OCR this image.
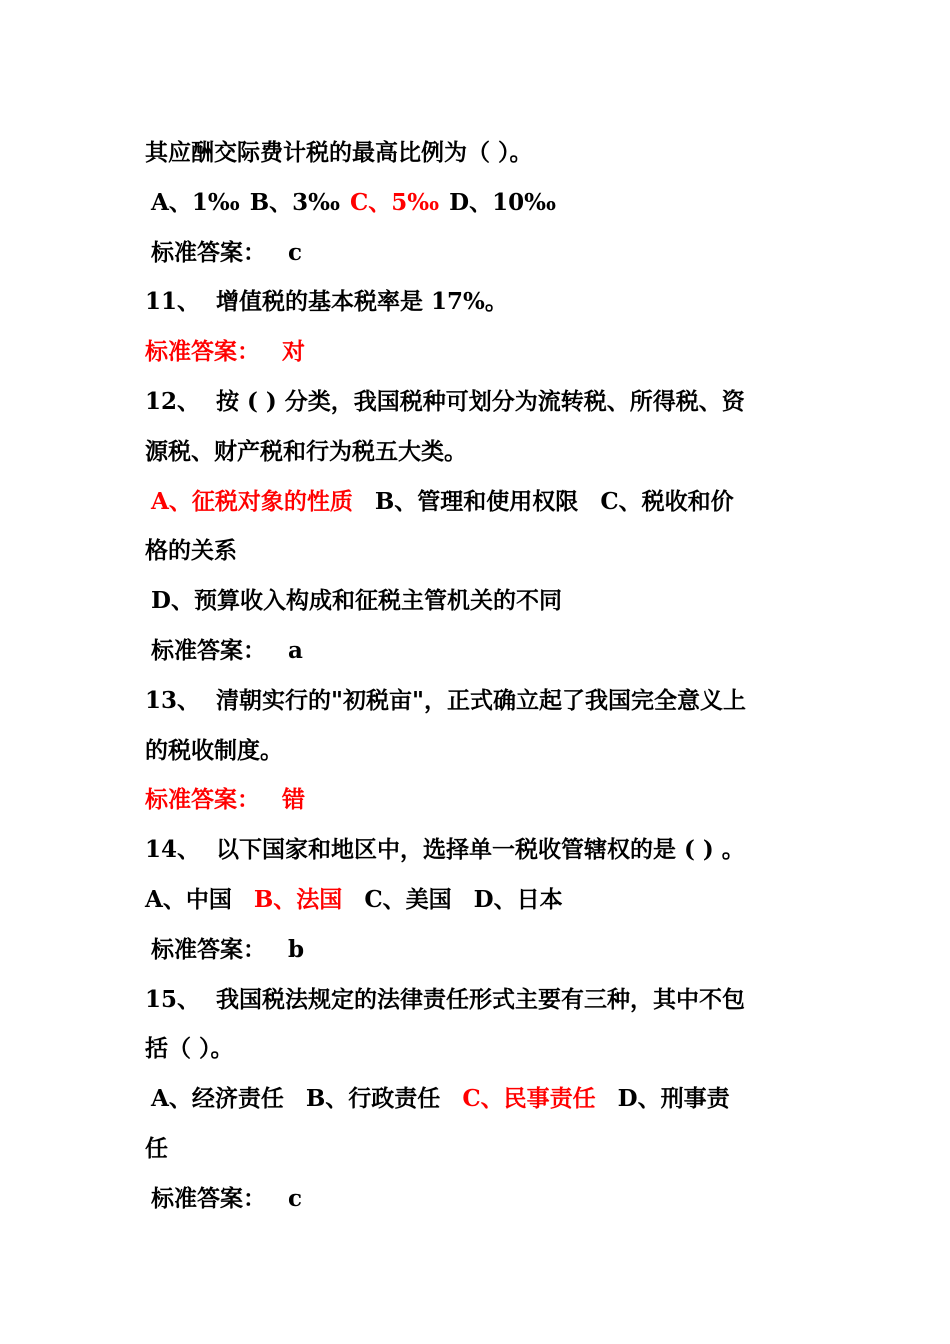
其应酬交际费计税的最高比例为（ ）。
A、1‰ B、3‰ C、5‰ D、10‰
标准答案： c
11、 增值税的基本税率是 17%。
标准答案： 对
12、 按 ( ) 分类，我国税种可划分为流转税、所得税、资
源税、财产税和行为税五大类。
A、征税对象的性质 B、管理和使用权限 C、税收和价
格的关系
D、预算收入构成和征税主管机关的不同
标准答案： a
13、 清朝实行的"初税亩"，正式确立起了我国完全意义上
的税收制度。
标准答案： 错
14、 以下国家和地区中，选择单一税收管辖权的是 ( ) 。
A、中国 B、法国 C、美国 D、日本
标准答案： b
15、 我国税法规定的法律责任形式主要有三种，其中不包
括（ ）。
A、经济责任 B、行政责任 C、民事责任 D、刑事责
任
标准答案： c
